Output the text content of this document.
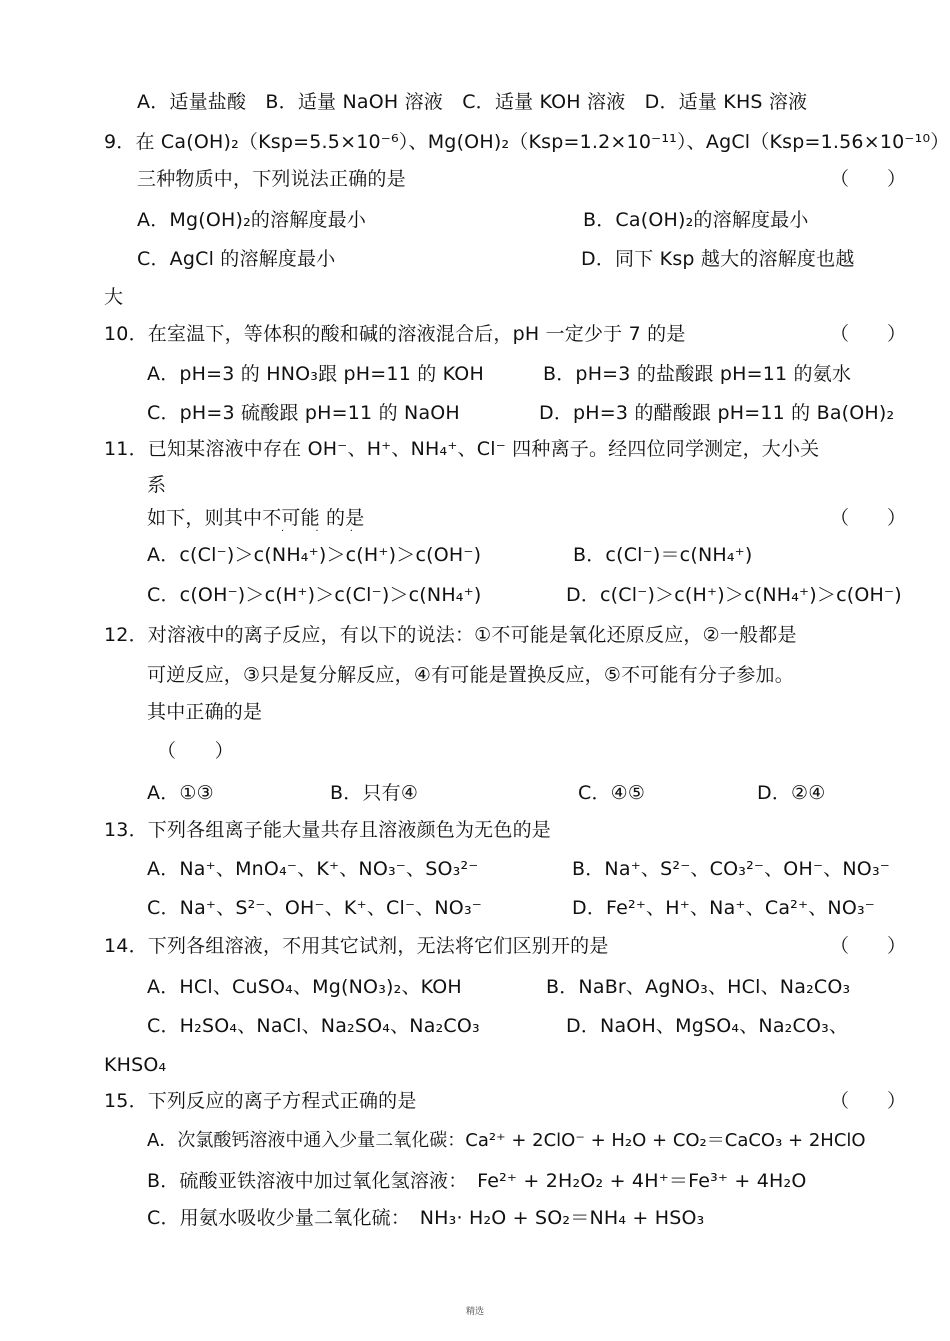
A．适量盐酸　B．适量 NaOH 溶液　C．适量 KOH 溶液　D．适量 KHS 溶液
9．在 Ca(OH)₂（Ksp=5.5×10⁻⁶）、Mg(OH)₂（Ksp=1.2×10⁻¹¹）、AgCl（Ksp=1.56×10⁻¹⁰）
三种物质中，下列说法正确的是	（　　）
A．Mg(OH)₂的溶解度最小	B．Ca(OH)₂的溶解度最小
C．AgCl 的溶解度最小	D．同下 Ksp 越大的溶解度也越
大
10．在室温下，等体积的酸和碱的溶液混合后，pH 一定少于 7 的是	（　　）
A．pH=3 的 HNO₃跟 pH=11 的 KOH	B．pH=3 的盐酸跟 pH=11 的氨水
C．pH=3 硫酸跟 pH=11 的 NaOH	D．pH=3 的醋酸跟 pH=11 的 Ba(OH)₂
11．已知某溶液中存在 OH⁻、H⁺、NH₄⁺、Cl⁻ 四种离子。经四位同学测定，大小关
系
如下，则其中不可能 的是
· · ·
（　　）
A．c(Cl⁻)＞c(NH₄⁺)＞c(H⁺)＞c(OH⁻)	B．c(Cl⁻)＝c(NH₄⁺)
C．c(OH⁻)＞c(H⁺)＞c(Cl⁻)＞c(NH₄⁺)	D．c(Cl⁻)＞c(H⁺)＞c(NH₄⁺)＞c(OH⁻)
12．对溶液中的离子反应，有以下的说法：①不可能是氧化还原反应，②一般都是
可逆反应，③只是复分解反应，④有可能是置换反应，⑤不可能有分子参加。
其中正确的是
（　　）
A．①③	B．只有④	C．④⑤	D．②④
13．下列各组离子能大量共存且溶液颜色为无色的是
A．Na⁺、MnO₄⁻、K⁺、NO₃⁻、SO₃²⁻	B．Na⁺、S²⁻、CO₃²⁻、OH⁻、NO₃⁻
C．Na⁺、S²⁻、OH⁻、K⁺、Cl⁻、NO₃⁻	D．Fe²⁺、H⁺、Na⁺、Ca²⁺、NO₃⁻
14．下列各组溶液，不用其它试剂，无法将它们区别开的是	（　　）
A．HCl、CuSO₄、Mg(NO₃)₂、KOH	B．NaBr、AgNO₃、HCl、Na₂CO₃
C．H₂SO₄、NaCl、Na₂SO₄、Na₂CO₃	D．NaOH、MgSO₄、Na₂CO₃、
KHSO₄
15．下列反应的离子方程式正确的是	（　　）
A．次氯酸钙溶液中通入少量二氧化碳：Ca²⁺ + 2ClO⁻ + H₂O + CO₂＝CaCO₃ + 2HClO
B．硫酸亚铁溶液中加过氧化氢溶液：　Fe²⁺ + 2H₂O₂ + 4H⁺＝Fe³⁺ + 4H₂O
C．用氨水吸收少量二氧化硫：　NH₃· H₂O + SO₂＝NH₄ + HSO₃
精选
